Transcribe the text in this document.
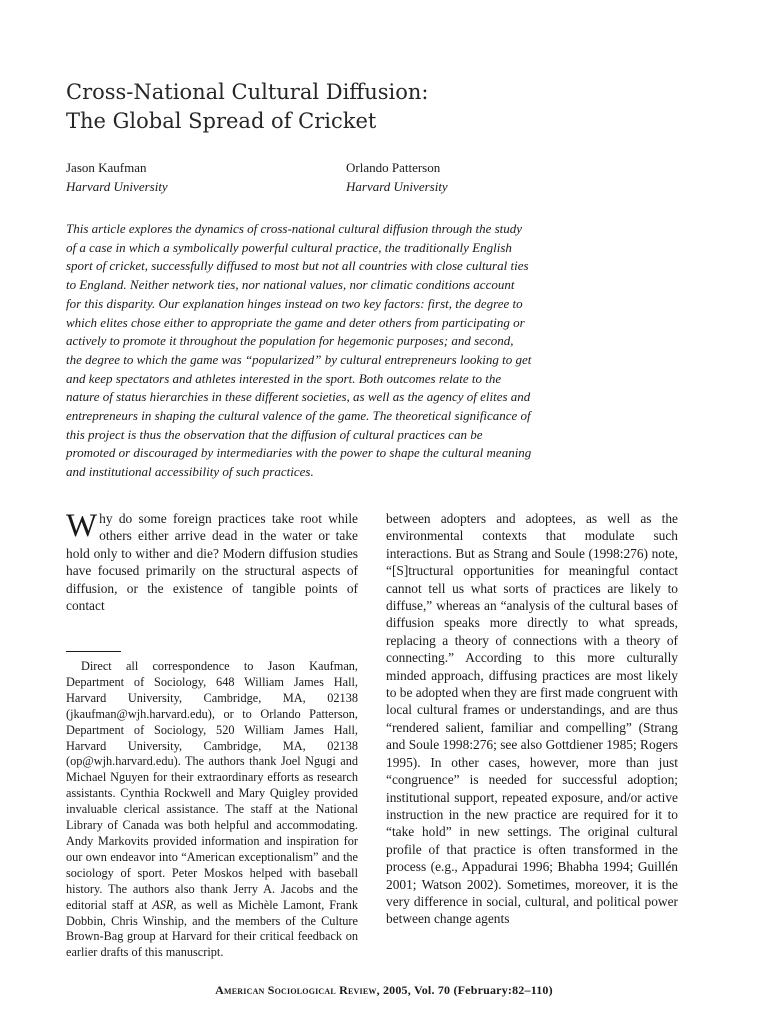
Cross-National Cultural Diffusion:
The Global Spread of Cricket
Jason Kaufman
Harvard University
Orlando Patterson
Harvard University
This article explores the dynamics of cross-national cultural diffusion through the study
of a case in which a symbolically powerful cultural practice, the traditionally English
sport of cricket, successfully diffused to most but not all countries with close cultural ties
to England. Neither network ties, nor national values, nor climatic conditions account
for this disparity. Our explanation hinges instead on two key factors: first, the degree to
which elites chose either to appropriate the game and deter others from participating or
actively to promote it throughout the population for hegemonic purposes; and second,
the degree to which the game was “popularized” by cultural entrepreneurs looking to get
and keep spectators and athletes interested in the sport. Both outcomes relate to the
nature of status hierarchies in these different societies, as well as the agency of elites and
entrepreneurs in shaping the cultural valence of the game. The theoretical significance of
this project is thus the observation that the diffusion of cultural practices can be
promoted or discouraged by intermediaries with the power to shape the cultural meaning
and institutional accessibility of such practices.

Why do some foreign practices take root while others either arrive dead in the water or take hold only to wither and die? Modern diffusion studies have focused primarily on the structural aspects of diffusion, or the existence of tangible points of contact

Direct all correspondence to Jason Kaufman, Department of Sociology, 648 William James Hall, Harvard University, Cambridge, MA, 02138 (jkaufman@wjh.harvard.edu), or to Orlando Patterson, Department of Sociology, 520 William James Hall, Harvard University, Cambridge, MA, 02138 (op@wjh.harvard.edu). The authors thank Joel Ngugi and Michael Nguyen for their extraordinary efforts as research assistants. Cynthia Rockwell and Mary Quigley provided invaluable clerical assistance. The staff at the National Library of Canada was both helpful and accommodating. Andy Markovits provided information and inspiration for our own endeavor into “American exceptionalism” and the sociology of sport. Peter Moskos helped with baseball history. The authors also thank Jerry A. Jacobs and the editorial staff at ASR, as well as Michèle Lamont, Frank Dobbin, Chris Winship, and the members of the Culture Brown-Bag group at Harvard for their critical feedback on earlier drafts of this manuscript.

between adopters and adoptees, as well as the environmental contexts that modulate such interactions. But as Strang and Soule (1998:276) note, “[S]tructural opportunities for meaningful contact cannot tell us what sorts of practices are likely to diffuse,” whereas an “analysis of the cultural bases of diffusion speaks more directly to what spreads, replacing a theory of connections with a theory of connecting.” According to this more culturally minded approach, diffusing practices are most likely to be adopted when they are first made congruent with local cultural frames or understandings, and are thus “rendered salient, familiar and compelling” (Strang and Soule 1998:276; see also Gottdiener 1985; Rogers 1995). In other cases, however, more than just “congruence” is needed for successful adoption; institutional support, repeated exposure, and/or active instruction in the new practice are required for it to “take hold” in new settings. The original cultural profile of that practice is often transformed in the process (e.g., Appadurai 1996; Bhabha 1994; Guillén 2001; Watson 2002). Sometimes, moreover, it is the very difference in social, cultural, and political power between change agents

American Sociological Review, 2005, Vol. 70 (February:82–110)
